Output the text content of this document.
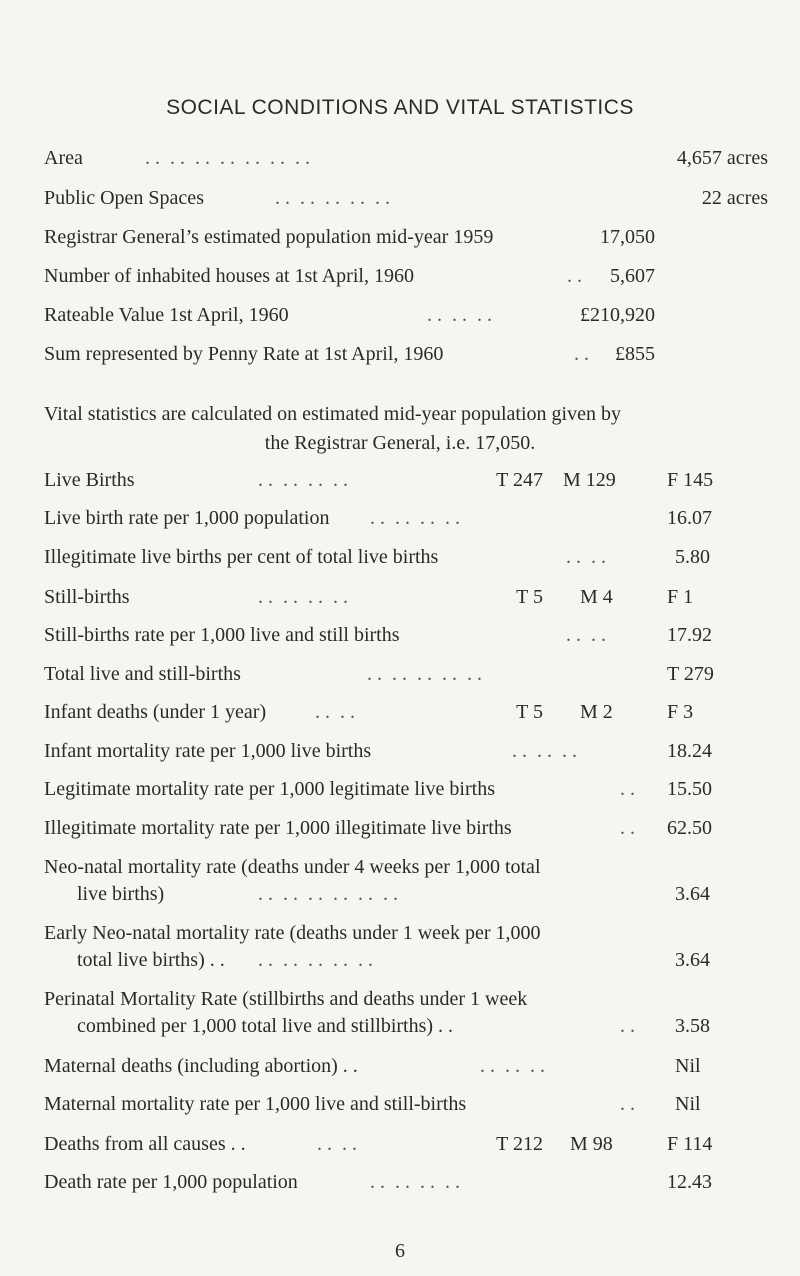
SOCIAL CONDITIONS AND VITAL STATISTICS
Area	. .  . .  . .  . .  . .  . .  . .	4,657 acres
Public Open Spaces	. .  . .  . .  . .  . .	22 acres
Registrar General’s estimated population mid-year 1959	17,050
Number of inhabited houses at 1st April, 1960	. . 5,607
Rateable Value 1st April, 1960	. .  . .  . .	£210,920
Sum represented by Penny Rate at 1st April, 1960	. . £855
Vital statistics are calculated on estimated mid-year population given by
the Registrar General, i.e. 17,050.
Live Births	. .  . .  . .  . .	T 247 M 129	F 145
Live birth rate per 1,000 population . .  . .  . .  . .	16.07
Illegitimate live births per cent of total live births	. .  . .	5.80
Still-births	. .  . .  . .  . .	T 5 M 4	F 1
Still-births rate per 1,000 live and still births	. .  . .	17.92
Total live and still-births	. .  . .  . .  . .  . .	T 279
Infant deaths (under 1 year) . .  . .	T 5 M 2	F 3
Infant mortality rate per 1,000 live births	. .  . .  . .	18.24
Legitimate mortality rate per 1,000 legitimate live births	. . 15.50
Illegitimate mortality rate per 1,000 illegitimate live births	. . 62.50
Neo-natal mortality rate (deaths under 4 weeks per 1,000 total
live births)	. .  . .  . .  . .  . .  . .	3.64
Early Neo-natal mortality rate (deaths under 1 week per 1,000
total live births) . . . .  . .  . .  . .  . .	3.64
Perinatal Mortality Rate (stillbirths and deaths under 1 week
combined per 1,000 total live and stillbirths) . .	. . 3.58
Maternal deaths (including abortion) . .	. .  . .  . .	Nil
Maternal mortality rate per 1,000 live and still-births	. . Nil
Deaths from all causes . .	. .  . .	T 212 M 98	F 114
Death rate per 1,000 population	. .  . .  . .  . .	12.43
6
